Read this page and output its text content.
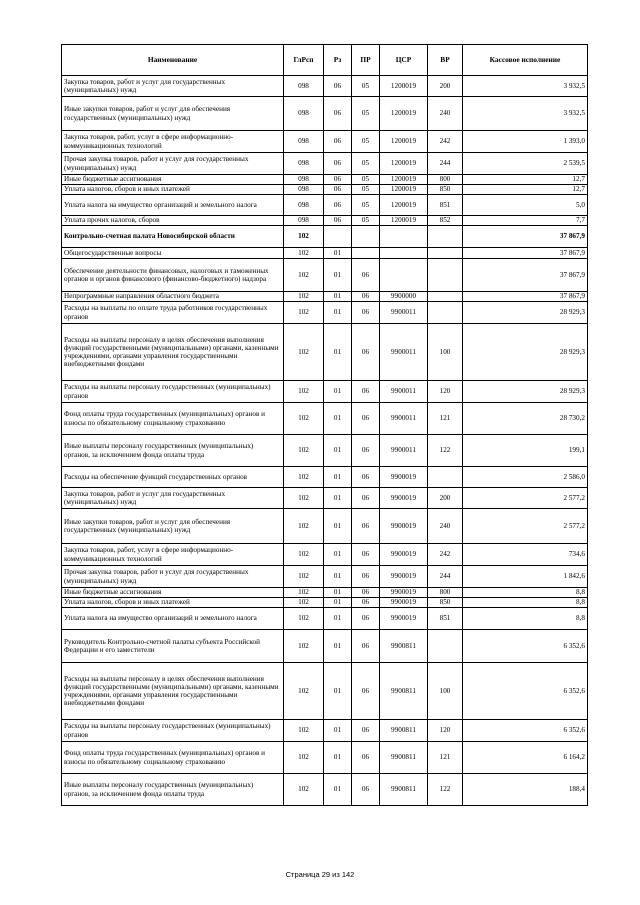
Наименование	ГлРсп	Рз	ПР	ЦСР	ВР	Кассовое исполнение
Закупка товаров, работ и услуг для государственных (муниципальных) нужд	098	06	05	1200019	200	3 932,5
Иные закупки товаров, работ и услуг для обеспечения государственных (муниципальных) нужд	098	06	05	1200019	240	3 932,5
Закупка товаров, работ, услуг в сфере информационно-коммуникационных технологий	098	06	05	1200019	242	1 393,0
Прочая закупка товаров, работ и услуг для государственных (муниципальных) нужд	098	06	05	1200019	244	2 539,5
Иные бюджетные ассигнования	098	06	05	1200019	800	12,7
Уплата налогов, сборов и иных платежей	098	06	05	1200019	850	12,7
Уплата налога на имущество организаций и земельного налога	098	06	05	1200019	851	5,0
Уплата прочих налогов, сборов	098	06	05	1200019	852	7,7
Контрольно-счетная палата Новосибирской области	102					37 867,9
Общегосударственные вопросы	102	01				37 867,9
Обеспечение деятельности финансовых, налоговых и таможенных органов и органов финансового (финансово-бюджетного) надзора	102	01	06			37 867,9
Непрограммные направления областного бюджета	102	01	06	9900000		37 867,9
Расходы на выплаты по оплате труда работников государственных органов	102	01	06	9900011		28 929,3
Расходы на выплаты персоналу в целях обеспечения выполнения функций государственными (муниципальными) органами, казенными учреждениями, органами управления государственными внебюджетными фондами	102	01	06	9900011	100	28 929,3
Расходы на выплаты персоналу государственных (муниципальных) органов	102	01	06	9900011	120	28 929,3
Фонд оплаты труда государственных (муниципальных) органов и взносы по обязательному социальному страхованию	102	01	06	9900011	121	28 730,2
Иные выплаты персоналу государственных (муниципальных) органов, за исключением фонда оплаты труда	102	01	06	9900011	122	199,1
Расходы на обеспечение функций государственных органов	102	01	06	9900019		2 586,0
Закупка товаров, работ и услуг для государственных (муниципальных) нужд	102	01	06	9900019	200	2 577,2
Иные закупки товаров, работ и услуг для обеспечения государственных (муниципальных) нужд	102	01	06	9900019	240	2 577,2
Закупка товаров, работ, услуг в сфере информационно-коммуникационных технологий	102	01	06	9900019	242	734,6
Прочая закупка товаров, работ и услуг для государственных (муниципальных) нужд	102	01	06	9900019	244	1 842,6
Иные бюджетные ассигнования	102	01	06	9900019	800	8,8
Уплата налогов, сборов и иных платежей	102	01	06	9900019	850	8,8
Уплата налога на имущество организаций и земельного налога	102	01	06	9900019	851	8,8
Руководитель Контрольно-счетной палаты субъекта Российской Федерации и его заместители	102	01	06	9900811		6 352,6
Расходы на выплаты персоналу в целях обеспечения выполнения функций государственными (муниципальными) органами, казенными учреждениями, органами управления государственными внебюджетными фондами	102	01	06	9900811	100	6 352,6
Расходы на выплаты персоналу государственных (муниципальных) органов	102	01	06	9900811	120	6 352,6
Фонд оплаты труда государственных (муниципальных) органов и взносы по обязательному социальному страхованию	102	01	06	9900811	121	6 164,2
Иные выплаты персоналу государственных (муниципальных) органов, за исключением фонда оплаты труда	102	01	06	9900811	122	188,4
Страница 29 из 142
